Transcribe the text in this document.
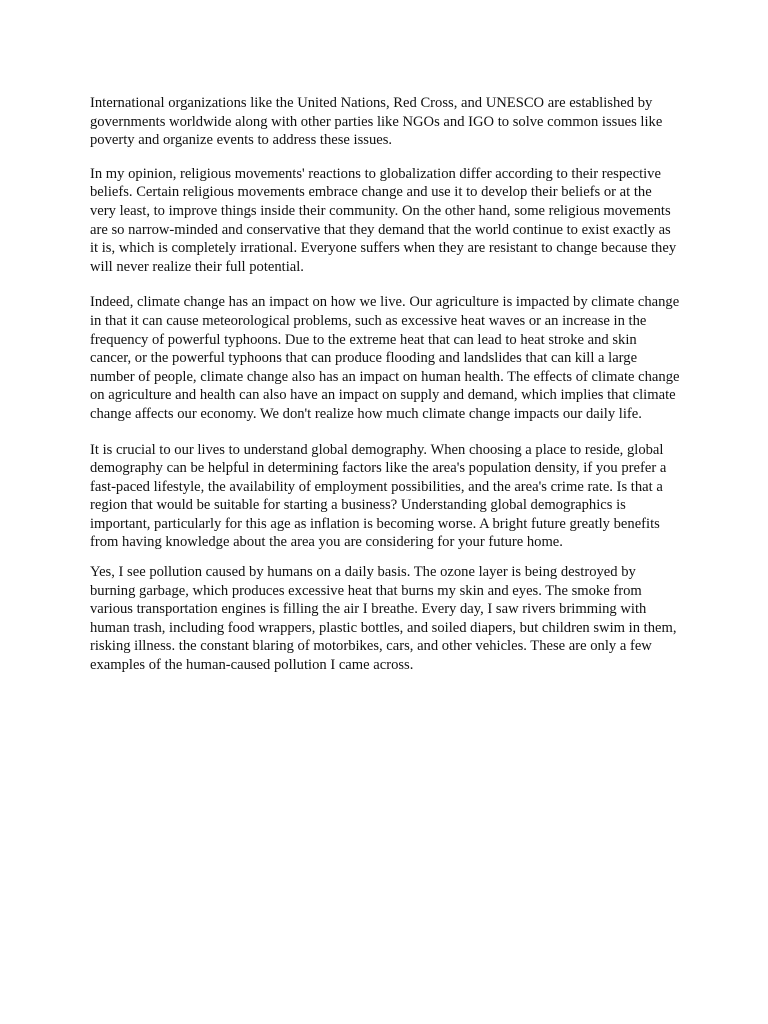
International organizations like the United Nations, Red Cross, and UNESCO are established by governments worldwide along with other parties like NGOs and IGO to solve common issues like poverty and organize events to address these issues.

In my opinion, religious movements' reactions to globalization differ according to their respective beliefs. Certain religious movements embrace change and use it to develop their beliefs or at the very least, to improve things inside their community. On the other hand, some religious movements are so narrow-minded and conservative that they demand that the world continue to exist exactly as it is, which is completely irrational. Everyone suffers when they are resistant to change because they will never realize their full potential.

Indeed, climate change has an impact on how we live. Our agriculture is impacted by climate change in that it can cause meteorological problems, such as excessive heat waves or an increase in the frequency of powerful typhoons. Due to the extreme heat that can lead to heat stroke and skin cancer, or the powerful typhoons that can produce flooding and landslides that can kill a large number of people, climate change also has an impact on human health. The effects of climate change on agriculture and health can also have an impact on supply and demand, which implies that climate change affects our economy. We don't realize how much climate change impacts our daily life.

It is crucial to our lives to understand global demography. When choosing a place to reside, global demography can be helpful in determining factors like the area's population density, if you prefer a fast-paced lifestyle, the availability of employment possibilities, and the area's crime rate. Is that a region that would be suitable for starting a business? Understanding global demographics is important, particularly for this age as inflation is becoming worse. A bright future greatly benefits from having knowledge about the area you are considering for your future home.

Yes, I see pollution caused by humans on a daily basis. The ozone layer is being destroyed by burning garbage, which produces excessive heat that burns my skin and eyes. The smoke from various transportation engines is filling the air I breathe. Every day, I saw rivers brimming with human trash, including food wrappers, plastic bottles, and soiled diapers, but children swim in them, risking illness. the constant blaring of motorbikes, cars, and other vehicles. These are only a few examples of the human-caused pollution I came across.
